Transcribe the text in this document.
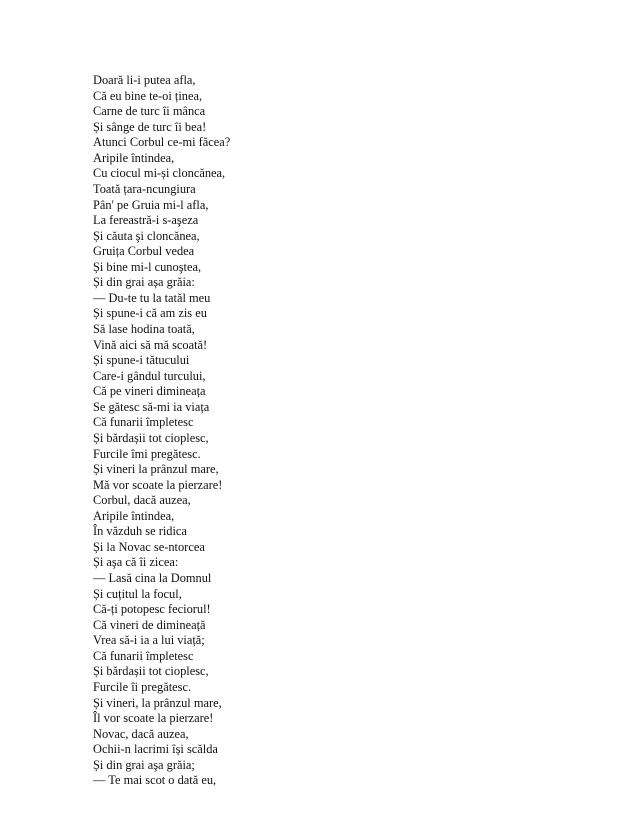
Doară li-i putea afla,
Că eu bine te-oi ținea,
Carne de turc îi mânca
Și sânge de turc îi bea!
Atunci Corbul ce-mi făcea?
Aripile întindea,
Cu ciocul mi-și cloncănea,
Toată țara-ncungiura
Pân' pe Gruia mi-l afla,
La fereastră-i s-aşeza
Și căuta şi cloncănea,
Gruița Corbul vedea
Și bine mi-l cunoştea,
Și din grai așa grăia:
— Du-te tu la tatăl meu
Și spune-i că am zis eu
Să lase hodina toată,
Vină aici să mă scoată!
Și spune-i tătucului
Care-i gândul turcului,
Că pe vineri dimineața
Se gătesc să-mi ia viața
Că funarii împletesc
Și bărdașii tot cioplesc,
Furcile îmi pregătesc.
Și vineri la prânzul mare,
Mă vor scoate la pierzare!
Corbul, dacă auzea,
Aripile întindea,
În văzduh se ridica
Și la Novac se-ntorcea
Și aşa că îi zicea:
— Lasă cina la Domnul
Și cuțitul la focul,
Că-ți potopesc feciorul!
Că vineri de dimineață
Vrea să-i ia a lui viață;
Că funarii împletesc
Și bărdașii tot cioplesc,
Furcile îi pregătesc.
Și vineri, la prânzul mare,
Îl vor scoate la pierzare!
Novac, dacă auzea,
Ochii-n lacrimi își scălda
Și din grai aşa grăia;
— Te mai scot o dată eu,
